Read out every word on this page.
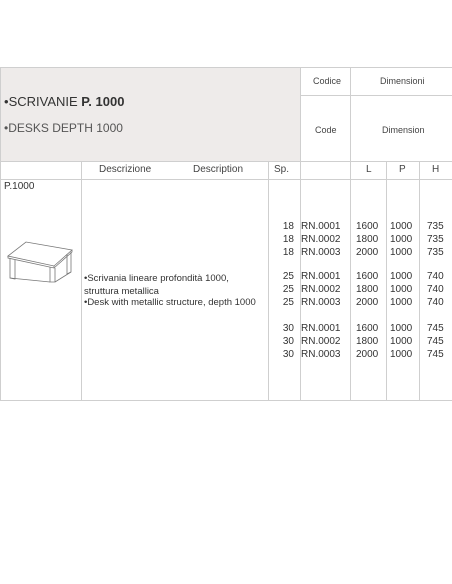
•SCRIVANIE P. 1000
•DESKS DEPTH 1000
Codice	Dimensioni
Code	Dimension
Descrizione	Description	Sp.	L	P	H
P.1000
•Scrivania lineare profondità 1000, struttura metallica
•Desk with metallic structure, depth 1000
18 RN.0001 1600 1000 735
18 RN.0002 1800 1000 735
18 RN.0003 2000 1000 735
25 RN.0001 1600 1000 740
25 RN.0002 1800 1000 740
25 RN.0003 2000 1000 740
30 RN.0001 1600 1000 745
30 RN.0002 1800 1000 745
30 RN.0003 2000 1000 745
